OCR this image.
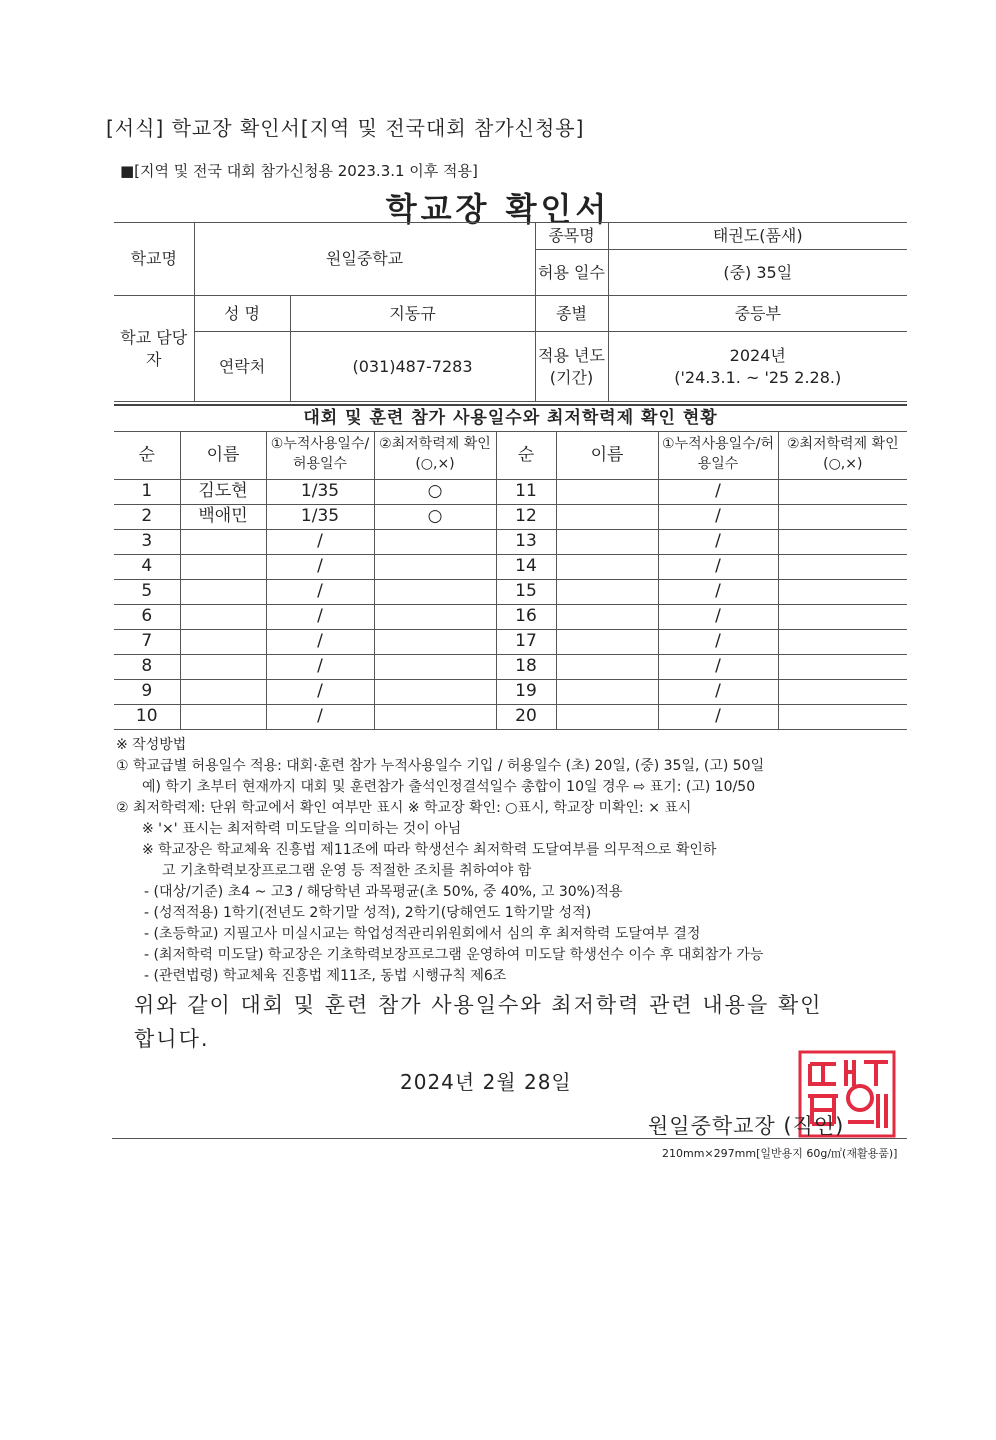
[서식] 학교장 확인서[지역 및 전국대회 참가신청용]
■[지역 및 전국 대회 참가신청용 2023.3.1 이후 적용]
학교장 확인서
학교명	원일중학교		종목명	태권도(품새)
			허용 일수	(중) 35일
학교 담당자	성 명	지동규	종별	중등부
	연락처	(031)487-7283	적용 년도 (기간)	2024년
('24.3.1. ~ '25 2.28.)
대회 및 훈련 참가 사용일수와 최저학력제 확인 현황							
순	이름	①누적사용일수/허용일수	②최저학력제 확인(○,×)	순	이름	①누적사용일수/허용일수	②최저학력제 확인(○,×)
1	김도현	1/35	○	11		/	
2	백애민	1/35	○	12		/	
3		/		13		/	
4		/		14		/	
5		/		15		/	
6		/		16		/	
7		/		17		/	
8		/		18		/	
9		/		19		/	
10		/		20		/	
※ 작성방법
① 학교급별 허용일수 적용: 대회·훈련 참가 누적사용일수 기입 / 허용일수 (초) 20일, (중) 35일, (고) 50일
예) 학기 초부터 현재까지 대회 및 훈련참가 출석인정결석일수 총합이 10일 경우 ⇨ 표기: (고) 10/50
② 최저학력제: 단위 학교에서 확인 여부만 표시 ※ 학교장 확인: ○표시, 학교장 미확인: × 표시
※ '×' 표시는 최저학력 미도달을 의미하는 것이 아님
※ 학교장은 학교체육 진흥법 제11조에 따라 학생선수 최저학력 도달여부를 의무적으로 확인하
고 기초학력보장프로그램 운영 등 적절한 조치를 취하여야 함
- (대상/기준) 초4 ~ 고3 / 해당학년 과목평균(초 50%, 중 40%, 고 30%)적용
- (성적적용) 1학기(전년도 2학기말 성적), 2학기(당해연도 1학기말 성적)
- (초등학교) 지필고사 미실시교는 학업성적관리위원회에서 심의 후 최저학력 도달여부 결정
- (최저학력 미도달) 학교장은 기초학력보장프로그램 운영하여 미도달 학생선수 이수 후 대회참가 가능
- (관련법령) 학교체육 진흥법 제11조, 동법 시행규칙 제6조
위와 같이 대회 및 훈련 참가 사용일수와 최저학력 관련 내용을 확인
합니다.
2024년 2월 28일
원일중학교장 (직인)
210mm×297mm[일반용지 60g/㎡(재활용품)]
